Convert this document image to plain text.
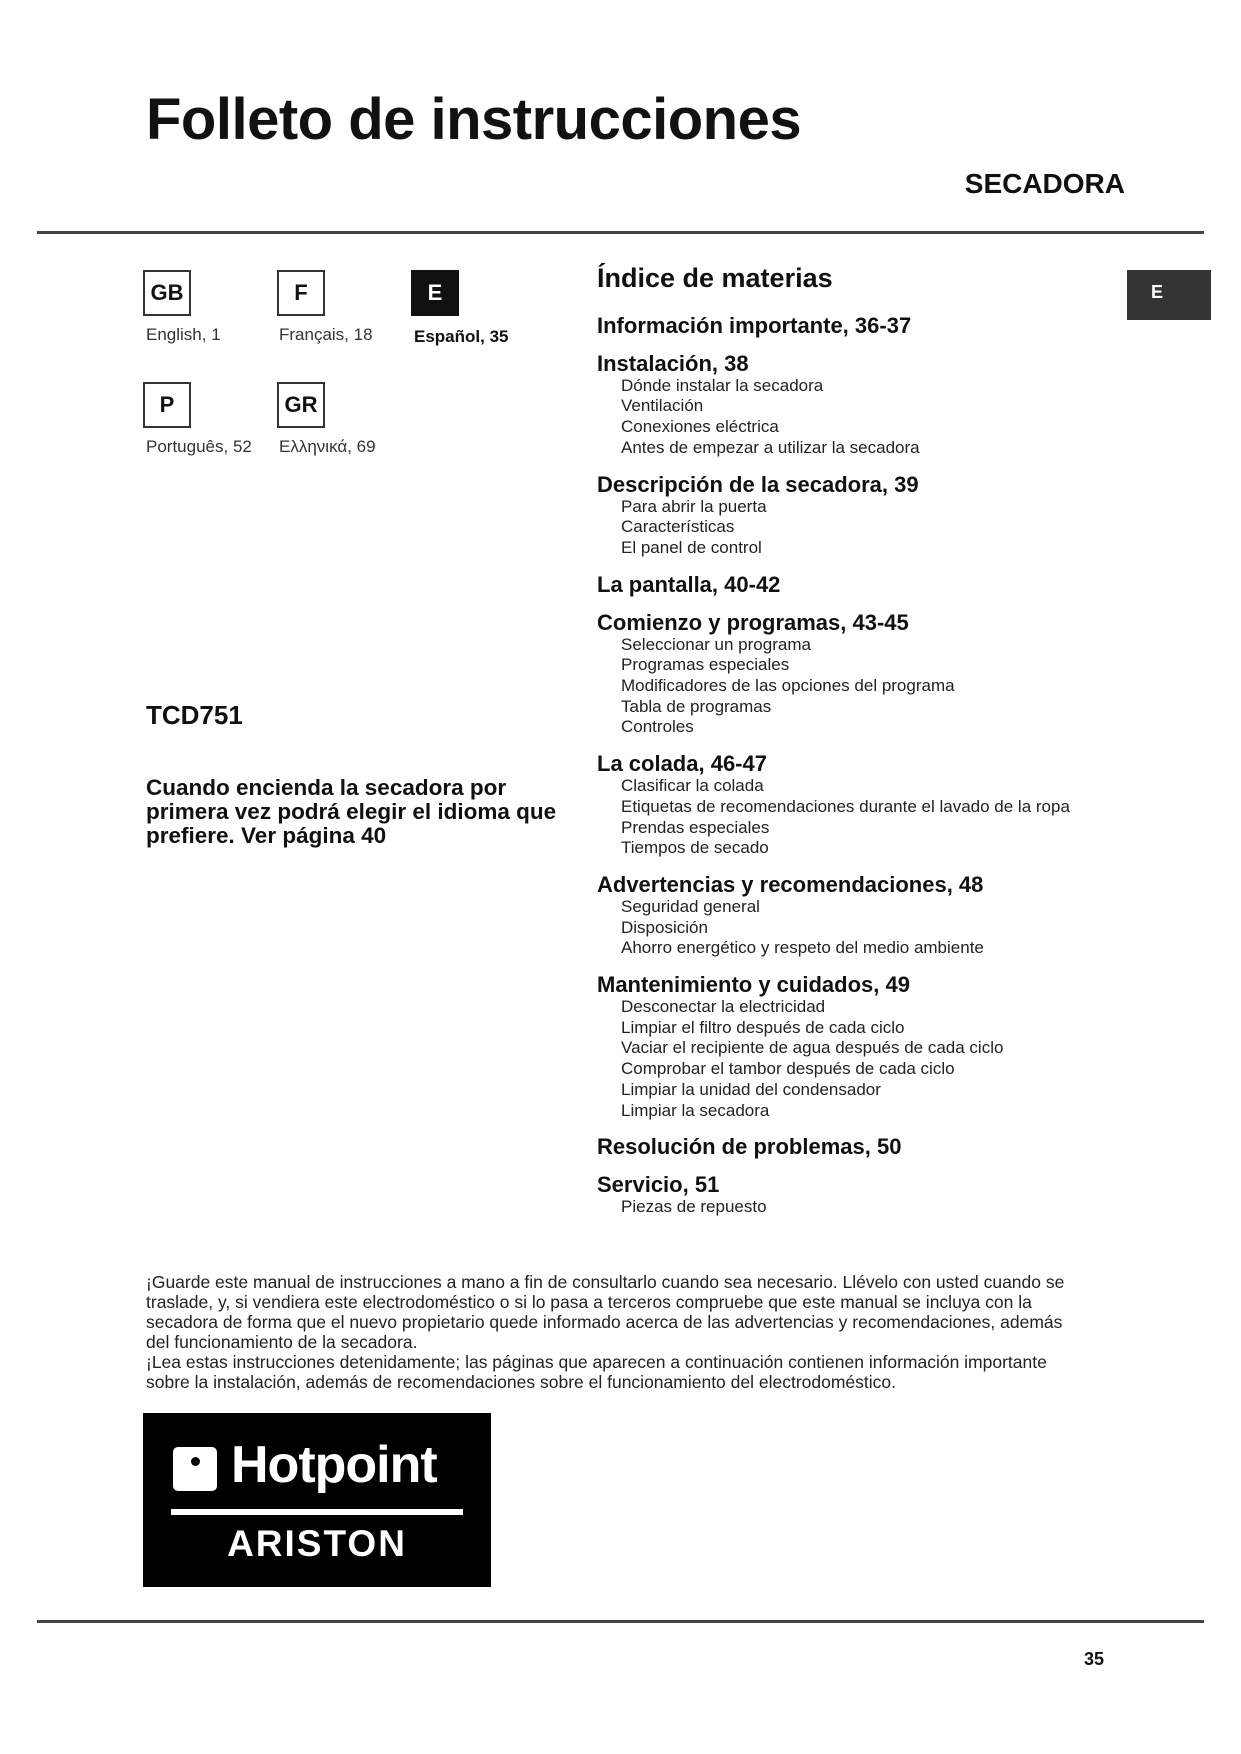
Folleto de instrucciones
SECADORA
GB
English, 1
F
Français, 18
E
Español, 35
P
Português, 52
GR
Ελληνικά, 69
E
TCD751
Cuando encienda la secadora por primera vez podrá elegir el idioma que prefiere. Ver página 40
Índice de materias
Información importante, 36-37
Instalación, 38
Dónde instalar la secadora
Ventilación
Conexiones eléctrica
Antes de empezar a utilizar la secadora
Descripción de la secadora, 39
Para abrir la puerta
Características
El panel de control
La pantalla, 40-42
Comienzo y programas, 43-45
Seleccionar un programa
Programas especiales
Modificadores de las opciones del programa
Tabla de programas
Controles
La colada, 46-47
Clasificar la colada
Etiquetas de recomendaciones durante el lavado de la ropa
Prendas especiales
Tiempos de secado
Advertencias y recomendaciones, 48
Seguridad general
Disposición
Ahorro energético y respeto del medio ambiente
Mantenimiento y cuidados, 49
Desconectar la electricidad
Limpiar el filtro después de cada ciclo
Vaciar el recipiente de agua después de cada ciclo
Comprobar el tambor después de cada ciclo
Limpiar la unidad del condensador
Limpiar la secadora
Resolución de problemas, 50
Servicio, 51
Piezas de repuesto

¡Guarde este manual de instrucciones a mano a fin de consultarlo cuando sea necesario. Llévelo con usted cuando se traslade, y, si vendiera este electrodoméstico o si lo pasa a terceros compruebe que este manual se incluya con la secadora de forma que el nuevo propietario quede informado acerca de las advertencias y recomendaciones, además del funcionamiento de la secadora.

¡Lea estas instrucciones detenidamente; las páginas que aparecen a continuación contienen información importante sobre la instalación, además de recomendaciones sobre el funcionamiento del electrodoméstico.

Hotpoint
ARISTON
35
